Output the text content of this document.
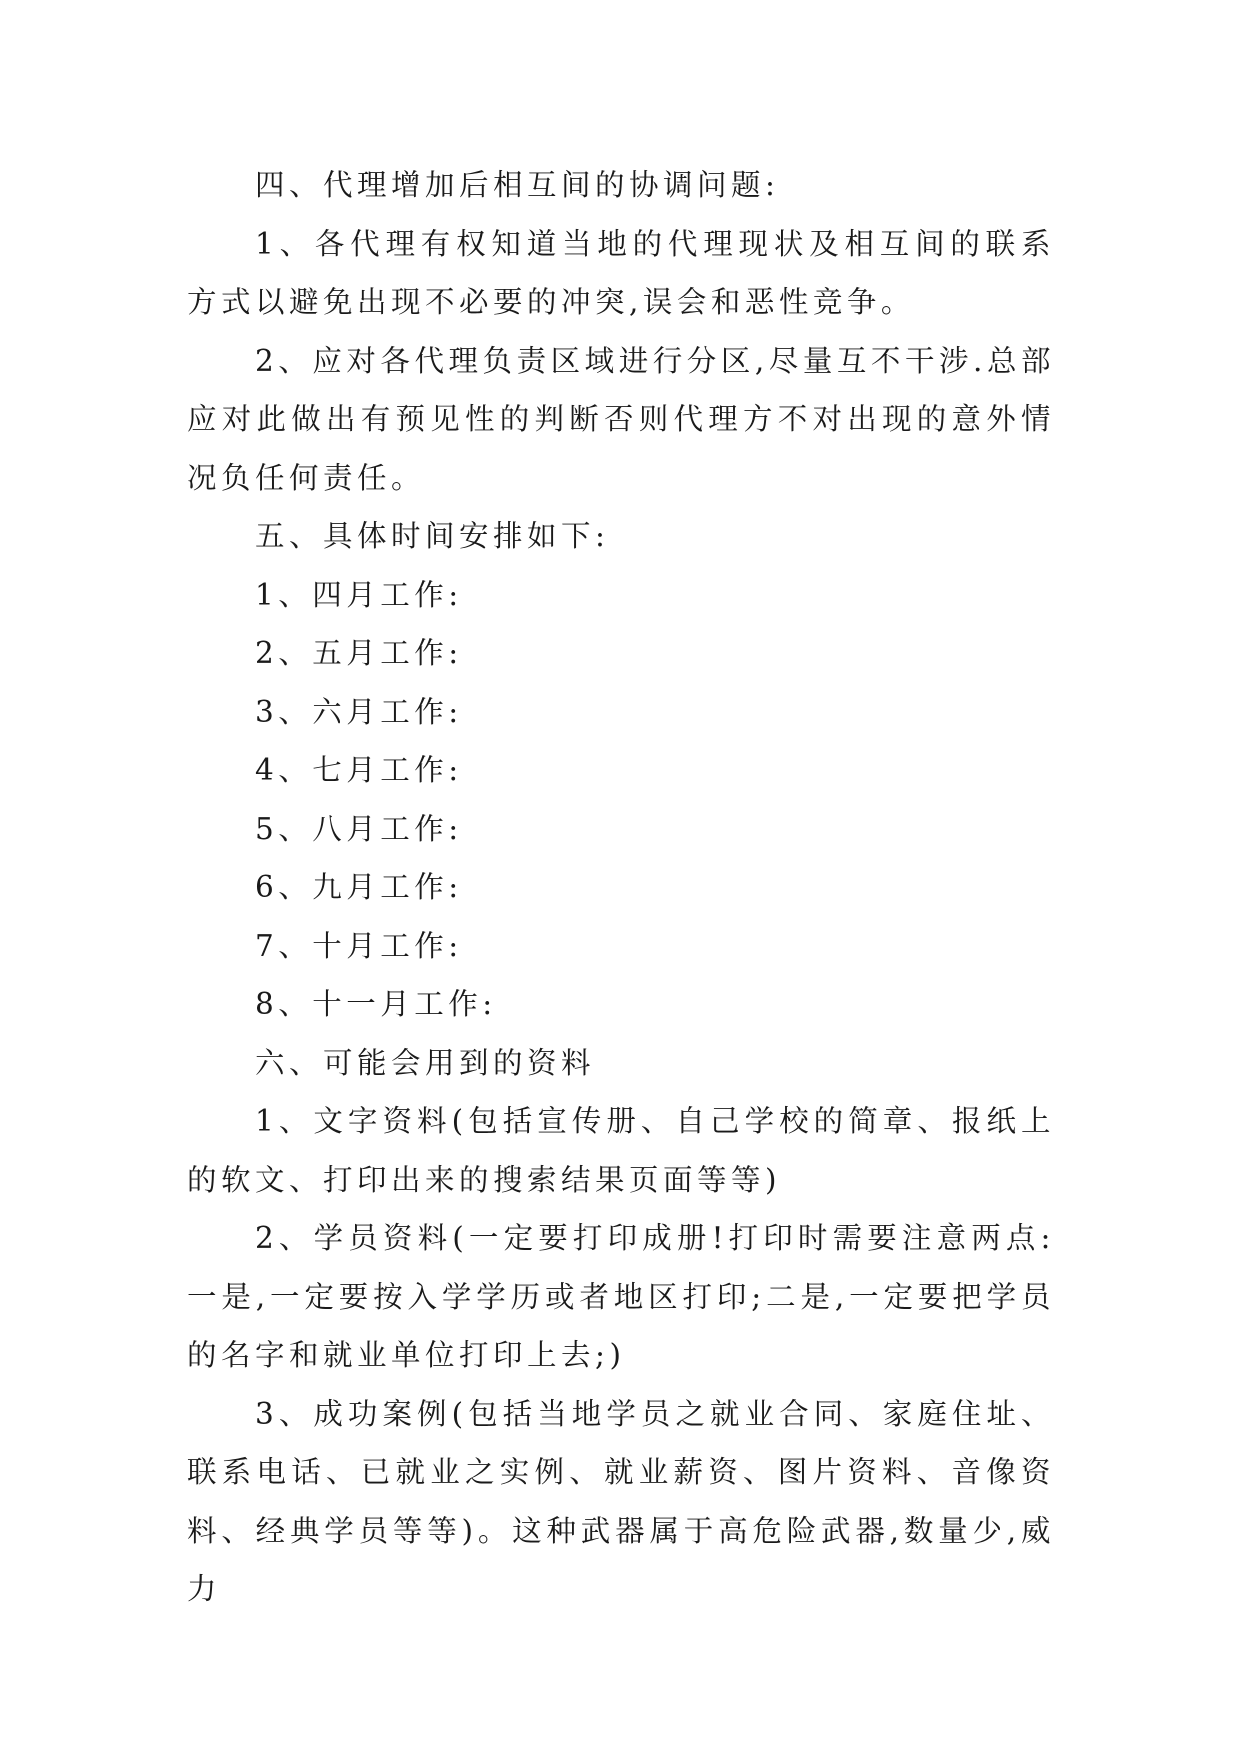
四、代理增加后相互间的协调问题:

1、各代理有权知道当地的代理现状及相互间的联系方式以避免出现不必要的冲突,误会和恶性竞争。

2、应对各代理负责区域进行分区,尽量互不干涉.总部应对此做出有预见性的判断否则代理方不对出现的意外情况负任何责任。

五、具体时间安排如下:

1、四月工作:

2、五月工作:

3、六月工作:

4、七月工作:

5、八月工作:

6、九月工作:

7、十月工作:

8、十一月工作:

六、可能会用到的资料

1、文字资料(包括宣传册、自己学校的简章、报纸上的软文、打印出来的搜索结果页面等等)

2、学员资料(一定要打印成册!打印时需要注意两点:一是,一定要按入学学历或者地区打印;二是,一定要把学员的名字和就业单位打印上去;)

3、成功案例(包括当地学员之就业合同、家庭住址、联系电话、已就业之实例、就业薪资、图片资料、音像资料、经典学员等等)。这种武器属于高危险武器,数量少,威力
